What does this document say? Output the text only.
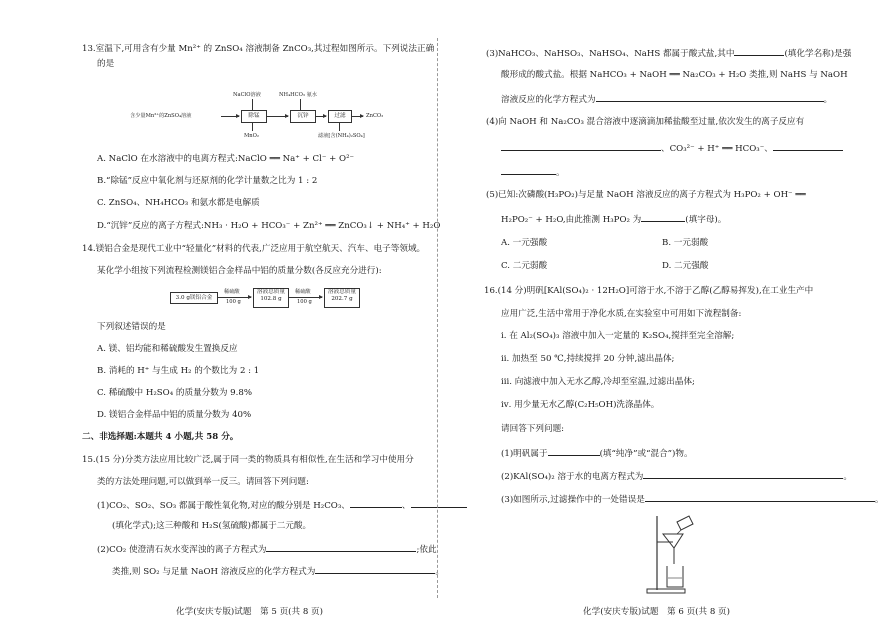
13.室温下,可用含有少量 Mn²⁺ 的 ZnSO₄ 溶液制备 ZnCO₃,其过程如图所示。下列说法正确
的是
NaClO溶液	NH₄HCO₃ 氨水
含少量Mn²⁺的ZnSO₄溶液	除锰	沉锌	过滤	ZnCO₃
MnO₂	滤液[含(NH₄)₂SO₄]
A. NaClO 在水溶液中的电离方程式:NaClO ══ Na⁺ + Cl⁻ + O²⁻
B.“除锰”反应中氧化剂与还原剂的化学计量数之比为 1 : 2
C. ZnSO₄、NH₄HCO₃ 和氨水都是电解质
D.“沉锌”反应的离子方程式:NH₃ · H₂O + HCO₃⁻ + Zn²⁺ ══ ZnCO₃↓ + NH₄⁺ + H₂O
14.镁铝合金是现代工业中“轻量化”材料的代表,广泛应用于航空航天、汽车、电子等领域。
某化学小组按下列流程检测镁铝合金样品中铝的质量分数(各反应充分进行):
3.0 g镁铝合金
稀硫酸
100 g
溶液总质量
102.8 g
稀硫酸
100 g
溶液总质量
202.7 g
下列叙述错误的是
A. 镁、铝均能和稀硫酸发生置换反应
B. 消耗的 H⁺ 与生成 H₂ 的个数比为 2 : 1
C. 稀硫酸中 H₂SO₄ 的质量分数为 9.8%
D. 镁铝合金样品中铝的质量分数为 40%
二、非选择题:本题共 4 小题,共 58 分。
15.(15 分)分类方法应用比较广泛,属于同一类的物质具有相似性,在生活和学习中使用分
类的方法处理问题,可以做到举一反三。请回答下列问题:
(1)CO₂、SO₂、SO₃ 都属于酸性氧化物,对应的酸分别是 H₂CO₃、	、
(填化学式);这三种酸和 H₂S(氢硫酸)都属于二元酸。
(2)CO₂ 使澄清石灰水变浑浊的离子方程式为	;依此
类推,则 SO₂ 与足量 NaOH 溶液反应的化学方程式为	。
化学(安庆专版)试题　第 5 页(共 8 页)
(3)NaHCO₃、NaHSO₃、NaHSO₄、NaHS 都属于酸式盐,其中	(填化学名称)是强
酸形成的酸式盐。根据 NaHCO₃ + NaOH ══ Na₂CO₃ + H₂O 类推,则 NaHS 与 NaOH
溶液反应的化学方程式为	。
(4)向 NaOH 和 Na₂CO₃ 混合溶液中逐滴滴加稀盐酸至过量,依次发生的离子反应有
、CO₃²⁻ + H⁺ ══ HCO₃⁻、
。
(5)已知:次磷酸(H₃PO₂)与足量 NaOH 溶液反应的离子方程式为 H₃PO₂ + OH⁻ ══
H₂PO₂⁻ + H₂O,由此推测 H₃PO₂ 为	(填字母)。
A. 一元强酸	B. 一元弱酸
C. 二元弱酸	D. 二元强酸
16.(14 分)明矾[KAl(SO₄)₂ · 12H₂O]可溶于水,不溶于乙醇(乙醇易挥发),在工业生产中
应用广泛,生活中常用于净化水质,在实验室中可用如下流程制备:
ⅰ. 在 Al₂(SO₄)₃ 溶液中加入一定量的 K₂SO₄,搅拌至完全溶解;
ⅱ. 加热至 50 ℃,持续搅拌 20 分钟,滤出晶体;
ⅲ. 向滤液中加入无水乙醇,冷却至室温,过滤出晶体;
ⅳ. 用少量无水乙醇(C₂H₅OH)洗涤晶体。
请回答下列问题:
(1)明矾属于	(填“纯净”或“混合”)物。
(2)KAl(SO₄)₂ 溶于水的电离方程式为	。
(3)如图所示,过滤操作中的一处错误是	。
化学(安庆专版)试题　第 6 页(共 8 页)
